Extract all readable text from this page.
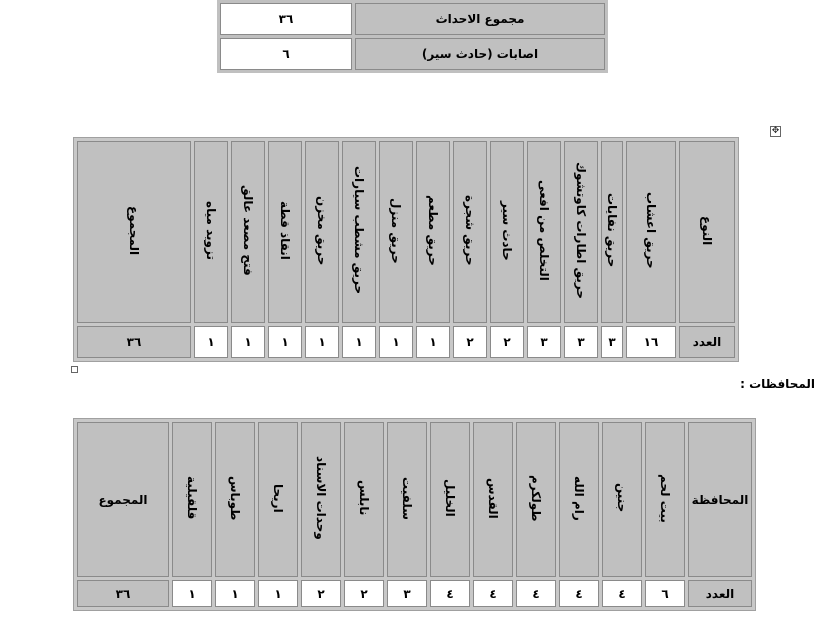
مجموع الاحداث	٣٦
اصابات (حادث سير)	٦
✥
النوع	حريق اعشاب	حريق نفايات	حريق اطارات كاوتشوك	التخلص من افعى	حادث سير	حريق شجرة	حريق مطعم	حريق منزل	حريق مشطب سيارات	حريق مخزن	انقاذ قطة	فتح مصعد عالق	تزويد مياه	المجموع
العدد	١٦	٣	٣	٣	٢	٢	١	١	١	١	١	١	١	٣٦
المحافظات :
المحافظة	بيت لحم	جنين	رام الله	طولكرم	القدس	الخليل	سلفيت	نابلس	وحدات الاسناد	اريحا	طوباس	قلقيلية	المجموع
العدد	٦	٤	٤	٤	٤	٤	٣	٢	٢	١	١	١	٣٦
